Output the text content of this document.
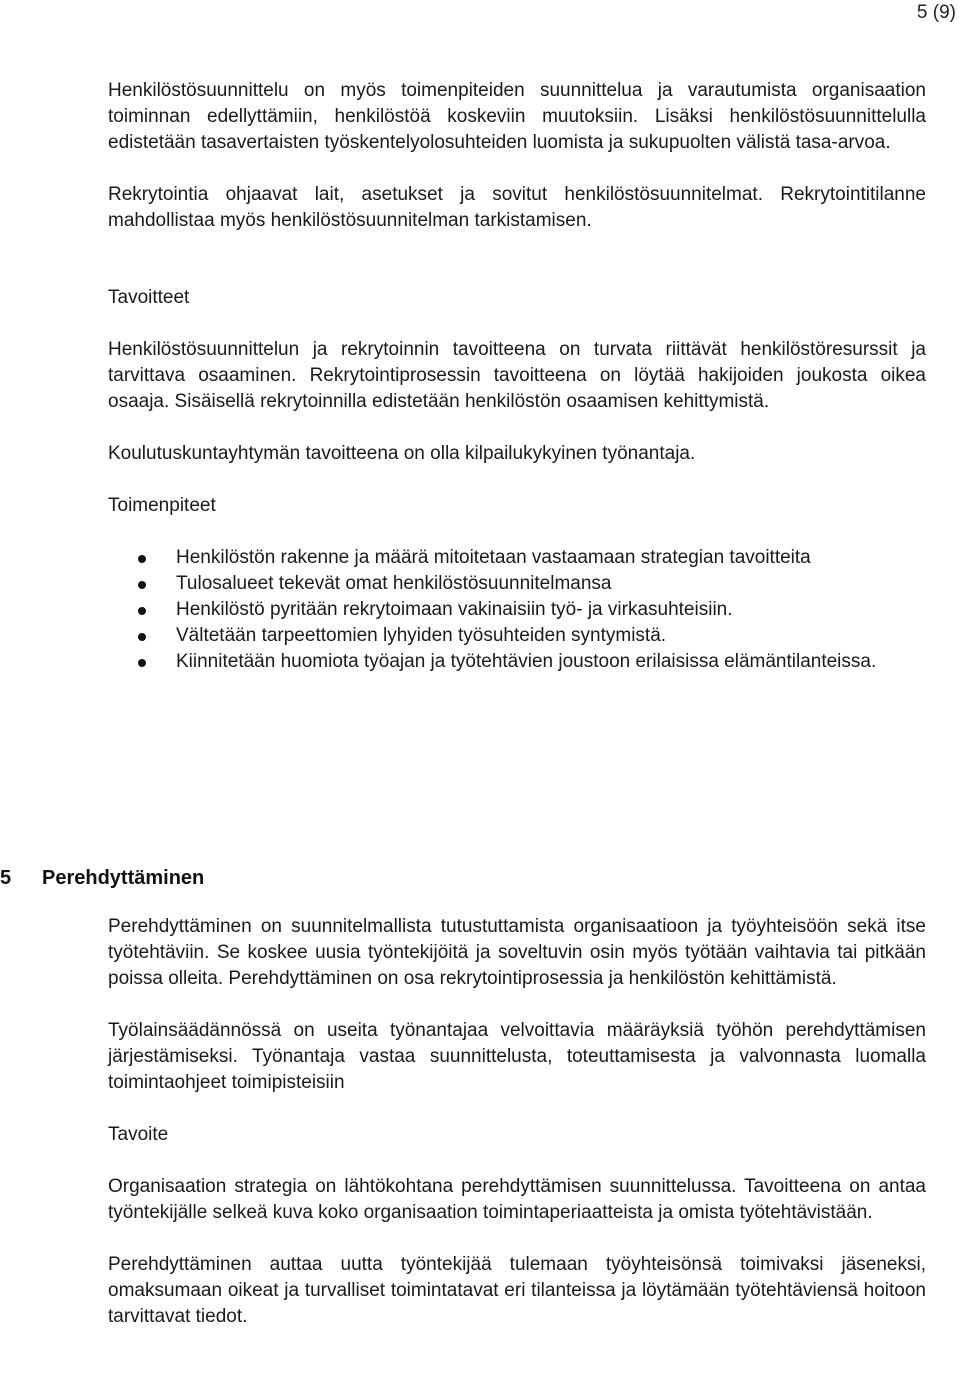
5 (9)

Henkilöstösuunnittelu on myös toimenpiteiden suunnittelua ja varautumista organisaation toiminnan edellyttämiin, henkilöstöä koskeviin muutoksiin. Lisäksi henkilöstösuunnittelulla edistetään tasavertaisten työskentelyolosuhteiden luomista ja sukupuolten välistä tasa-arvoa.

Rekrytointia ohjaavat lait, asetukset ja sovitut henkilöstösuunnitelmat. Rekrytointitilanne mahdollistaa myös henkilöstösuunnitelman tarkistamisen.

Tavoitteet

Henkilöstösuunnittelun ja rekrytoinnin tavoitteena on turvata riittävät henkilöstöresurssit ja tarvittava osaaminen. Rekrytointiprosessin tavoitteena on löytää hakijoiden joukosta oikea osaaja. Sisäisellä rekrytoinnilla edistetään henkilöstön osaamisen kehittymistä.

Koulutuskuntayhtymän tavoitteena on olla kilpailukykyinen työnantaja.

Toimenpiteet

Henkilöstön rakenne ja määrä mitoitetaan vastaamaan strategian tavoitteita
Tulosalueet tekevät omat henkilöstösuunnitelmansa
Henkilöstö pyritään rekrytoimaan vakinaisiin työ- ja virkasuhteisiin.
Vältetään tarpeettomien lyhyiden työsuhteiden syntymistä.
Kiinnitetään huomiota työajan ja työtehtävien joustoon erilaisissa elämäntilanteissa.
5 Perehdyttäminen

Perehdyttäminen on suunnitelmallista tutustuttamista organisaatioon ja työyhteisöön sekä itse työtehtäviin. Se koskee uusia työntekijöitä ja soveltuvin osin myös työtään vaihtavia tai pitkään poissa olleita. Perehdyttäminen on osa rekrytointiprosessia ja henkilöstön kehittämistä.

Työlainsäädännössä on useita työnantajaa velvoittavia määräyksiä työhön perehdyttämisen järjestämiseksi. Työnantaja vastaa suunnittelusta, toteuttamisesta ja valvonnasta luomalla toimintaohjeet toimipisteisiin

Tavoite

Organisaation strategia on lähtökohtana perehdyttämisen suunnittelussa. Tavoitteena on antaa työntekijälle selkeä kuva koko organisaation toimintaperiaatteista ja omista työtehtävistään.

Perehdyttäminen auttaa uutta työntekijää tulemaan työyhteisönsä toimivaksi jäseneksi, omaksumaan oikeat ja turvalliset toimintatavat eri tilanteissa ja löytämään työtehtäviensä hoitoon tarvittavat tiedot.
